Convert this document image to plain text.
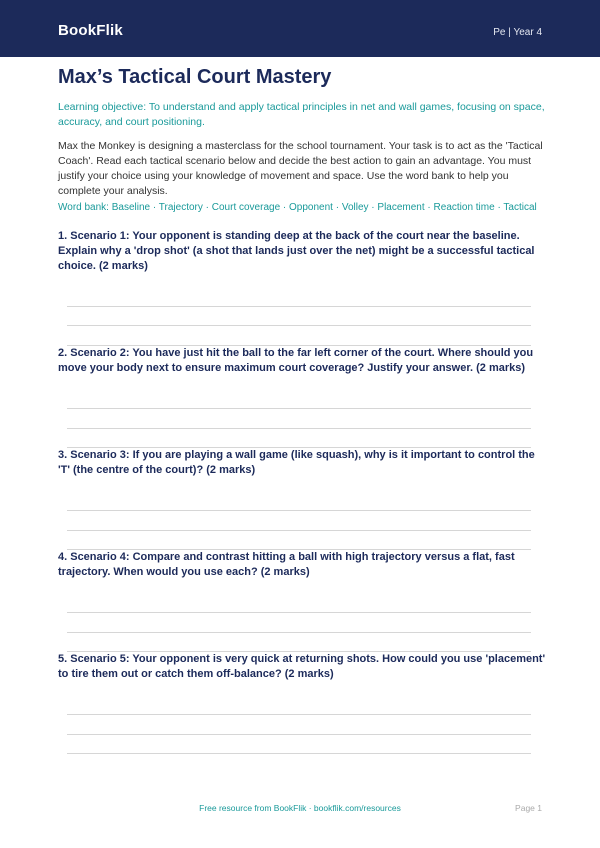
BookFlik	Pe | Year 4
Max’s Tactical Court Mastery
Learning objective: To understand and apply tactical principles in net and wall games, focusing on space, accuracy, and court positioning.
Max the Monkey is designing a masterclass for the school tournament. Your task is to act as the 'Tactical Coach'. Read each tactical scenario below and decide the best action to gain an advantage. You must justify your choice using your knowledge of movement and space. Use the word bank to help you complete your analysis.
Word bank: Baseline · Trajectory · Court coverage · Opponent · Volley · Placement · Reaction time · Tactical
1. Scenario 1: Your opponent is standing deep at the back of the court near the baseline. Explain why a 'drop shot' (a shot that lands just over the net) might be a successful tactical choice. (2 marks)
2. Scenario 2: You have just hit the ball to the far left corner of the court. Where should you move your body next to ensure maximum court coverage? Justify your answer. (2 marks)
3. Scenario 3: If you are playing a wall game (like squash), why is it important to control the 'T' (the centre of the court)? (2 marks)
4. Scenario 4: Compare and contrast hitting a ball with high trajectory versus a flat, fast trajectory. When would you use each? (2 marks)
5. Scenario 5: Your opponent is very quick at returning shots. How could you use 'placement' to tire them out or catch them off-balance? (2 marks)
Free resource from BookFlik · bookflik.com/resources	Page 1
